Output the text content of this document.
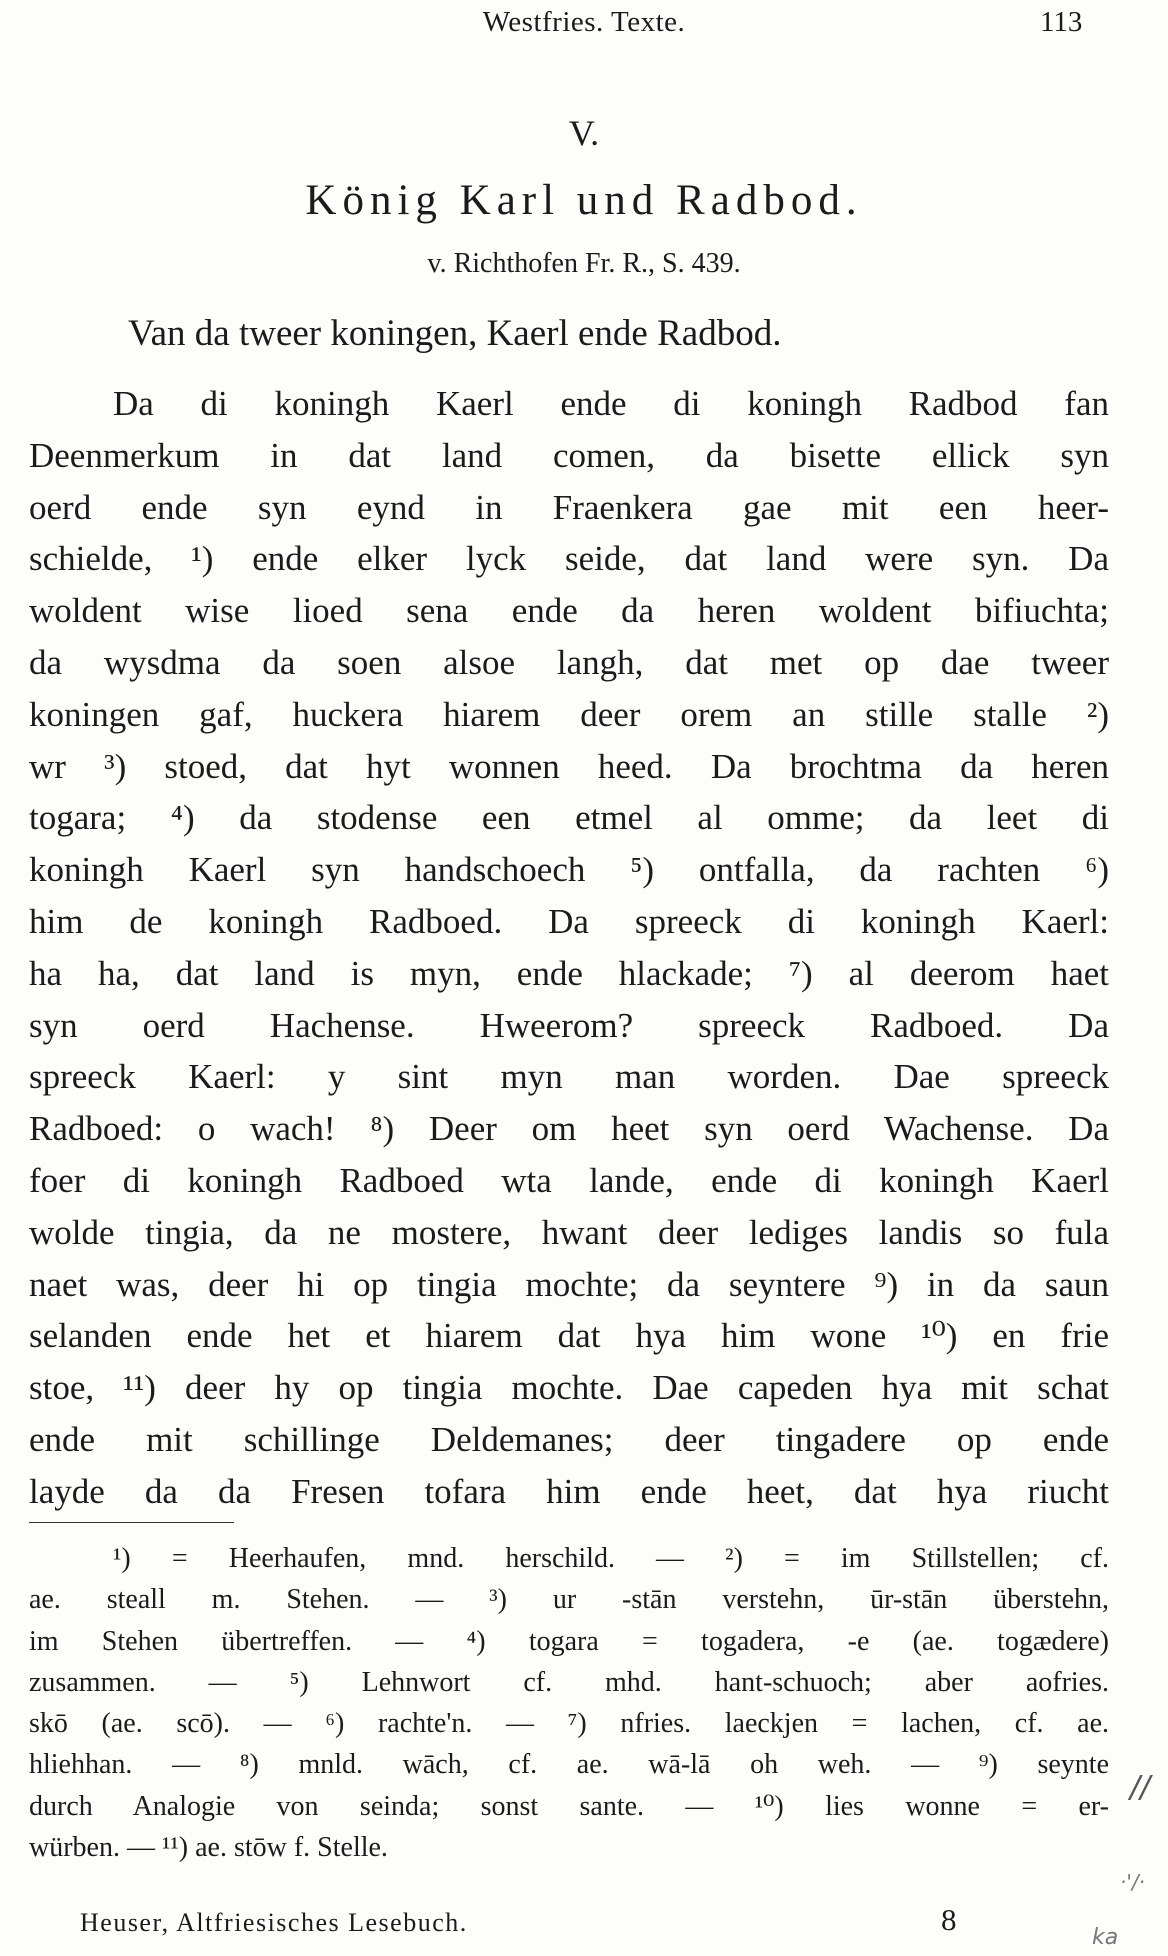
Westfries. Texte.	113
V.
König Karl und Radbod.
v. Richthofen Fr. R., S. 439.
Van da tweer koningen, Kaerl ende Radbod.
Da di koningh Kaerl ende di koningh Radbod fan
Deenmerkum in dat land comen, da bisette ellick syn
oerd ende syn eynd in Fraenkera gae mit een heer-
schielde, ¹) ende elker lyck seide, dat land were syn. Da
woldent wise lioed sena ende da heren woldent bifiuchta;
da wysdma da soen alsoe langh, dat met op dae tweer
koningen gaf, huckera hiarem deer orem an stille stalle ²)
wr ³) stoed, dat hyt wonnen heed. Da brochtma da heren
togara; ⁴) da stodense een etmel al omme; da leet di
koningh Kaerl syn handschoech ⁵) ontfalla, da rachten ⁶)
him de koningh Radboed. Da spreeck di koningh Kaerl:
ha ha, dat land is myn, ende hlackade; ⁷) al deerom haet
syn oerd Hachense. Hweerom? spreeck Radboed. Da
spreeck Kaerl: y sint myn man worden. Dae spreeck
Radboed: o wach! ⁸) Deer om heet syn oerd Wachense. Da
foer di koningh Radboed wta lande, ende di koningh Kaerl
wolde tingia, da ne mostere, hwant deer lediges landis so fula
naet was, deer hi op tingia mochte; da seyntere ⁹) in da saun
selanden ende het et hiarem dat hya him wone ¹⁰) en frie
stoe, ¹¹) deer hy op tingia mochte. Dae capeden hya mit schat
ende mit schillinge Deldemanes; deer tingadere op ende
layde da da Fresen tofara him ende heet, dat hya riucht
¹) = Heerhaufen, mnd. herschild. — ²) = im Stillstellen; cf.
ae. steall m. Stehen. — ³) ur -stān verstehn, ūr-stān überstehn,
im Stehen übertreffen. — ⁴) togara = togadera, -e (ae. togædere)
zusammen. — ⁵) Lehnwort cf. mhd. hant-schuoch; aber aofries.
skō (ae. scō). — ⁶) rachte'n. — ⁷) nfries. laeckjen = lachen, cf. ae.
hliehhan. — ⁸) mnld. wāch, cf. ae. wā-lā oh weh. — ⁹) seynte
durch Analogie von seinda; sonst sante. — ¹⁰) lies wonne = er-
würben. — ¹¹) ae. stōw f. Stelle.
Heuser, Altfriesisches Lesebuch.	8
//
·'/·
ka
